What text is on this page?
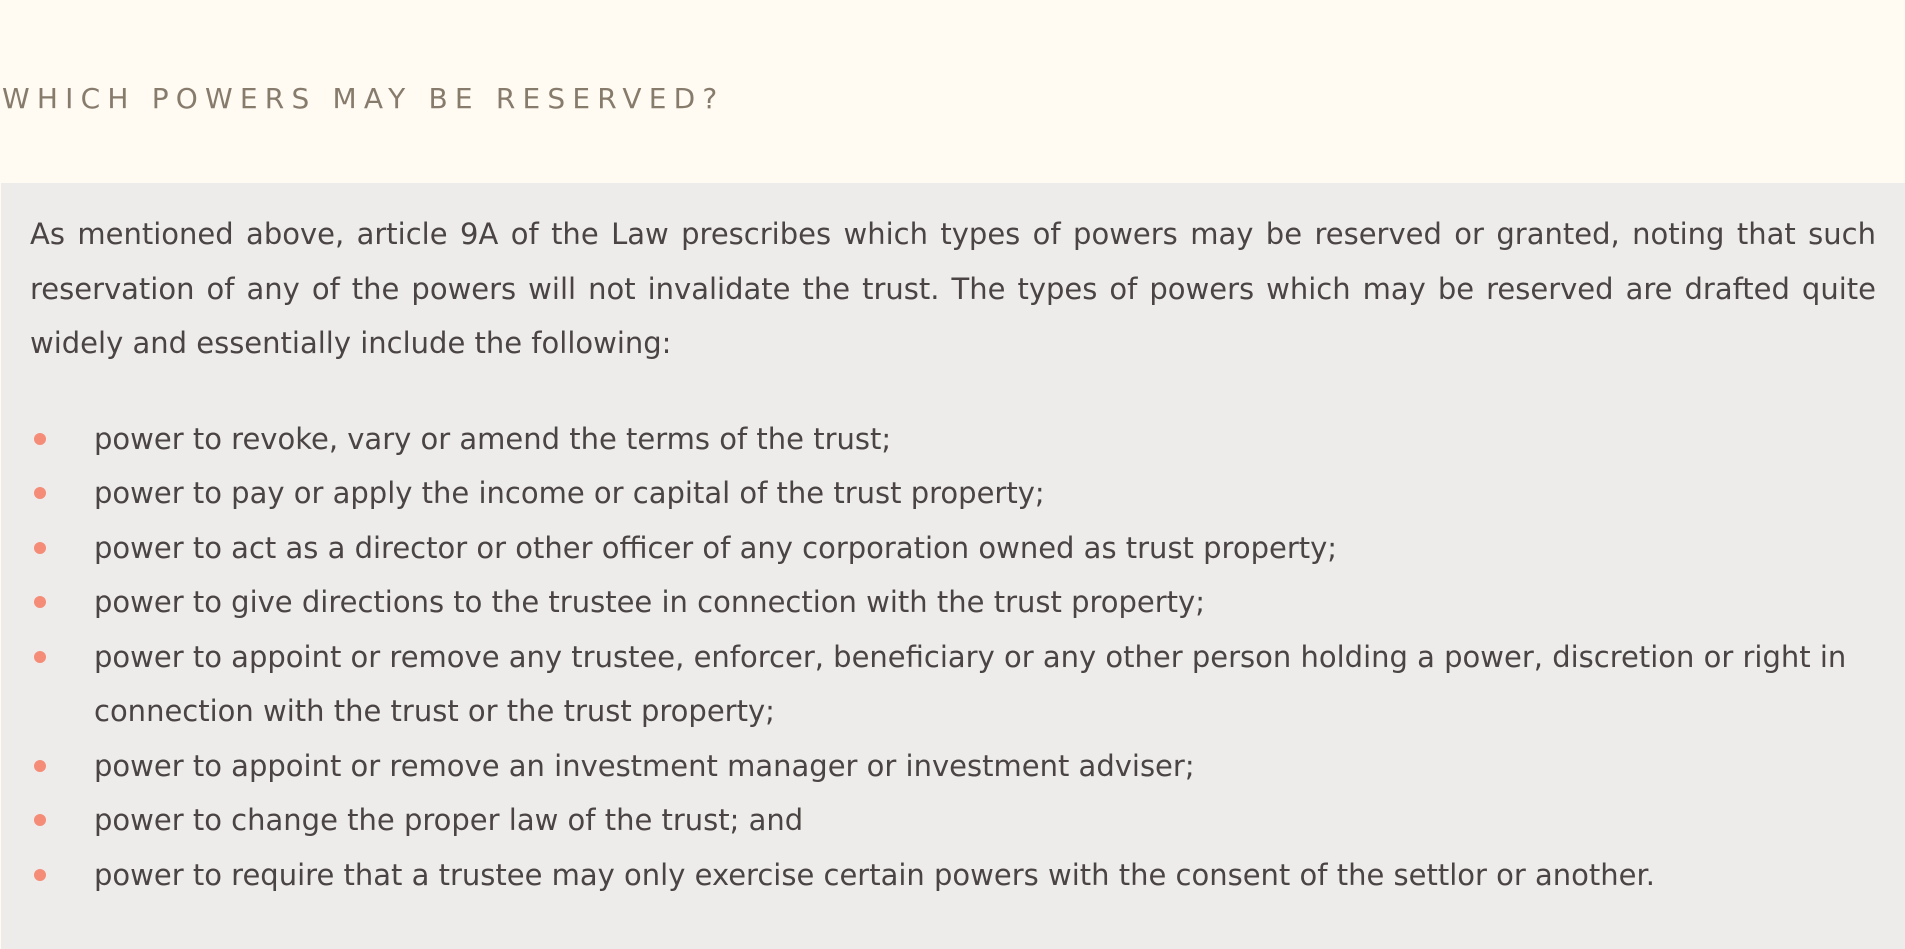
WHICH POWERS MAY BE RESERVED?

As mentioned above, article 9A of the Law prescribes which types of powers may be reserved or granted, noting that such reservation of any of the powers will not invalidate the trust. The types of powers which may be reserved are drafted quite widely and essentially include the following:

power to revoke, vary or amend the terms of the trust;
power to pay or apply the income or capital of the trust property;
power to act as a director or other officer of any corporation owned as trust property;
power to give directions to the trustee in connection with the trust property;
power to appoint or remove any trustee, enforcer, beneficiary or any other person holding a power, discretion or right in connection with the trust or the trust property;
power to appoint or remove an investment manager or investment adviser;
power to change the proper law of the trust; and
power to require that a trustee may only exercise certain powers with the consent of the settlor or another.
